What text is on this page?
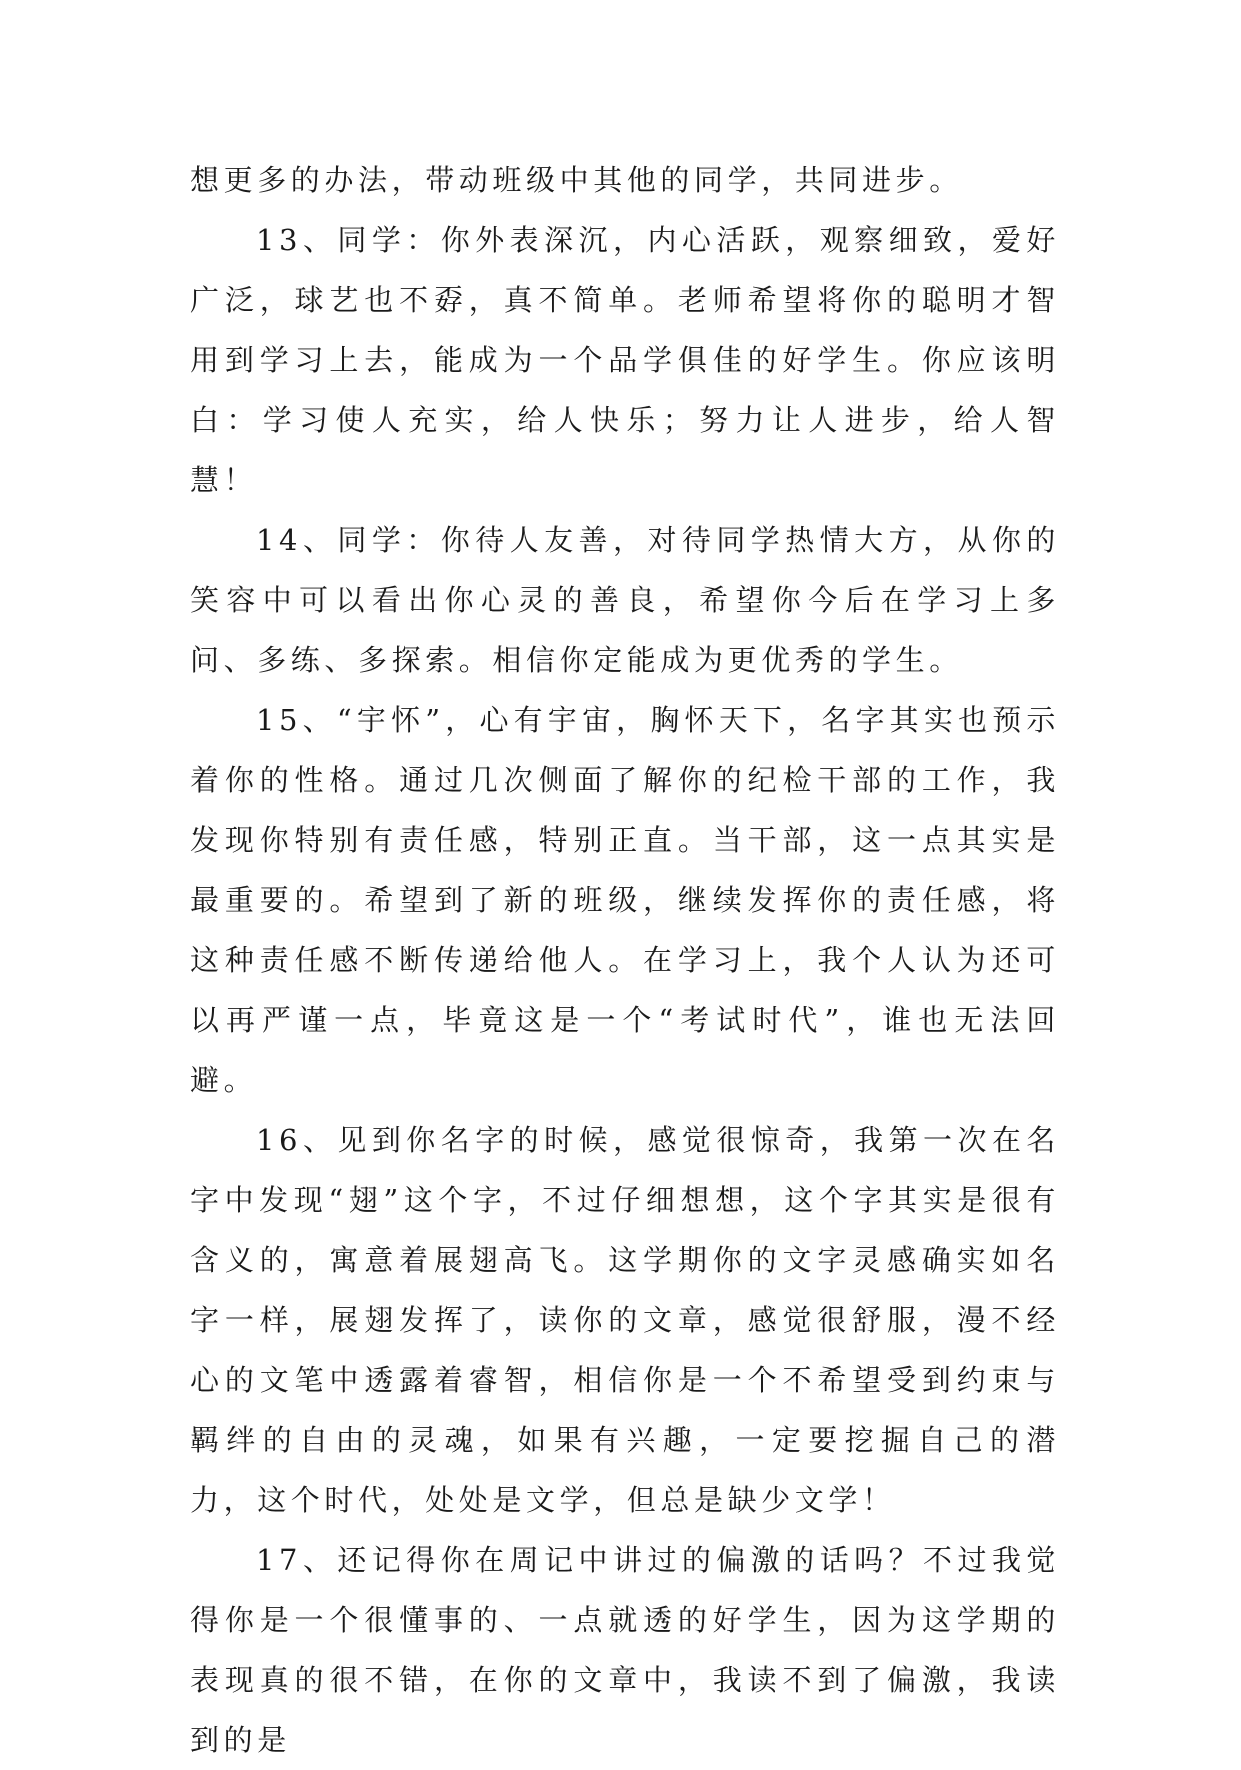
想更多的办法，带动班级中其他的同学，共同进步。

13、同学：你外表深沉，内心活跃，观察细致，爱好广泛，球艺也不孬，真不简单。老师希望将你的聪明才智用到学习上去，能成为一个品学俱佳的好学生。你应该明白：学习使人充实，给人快乐；努力让人进步，给人智慧！

14、同学：你待人友善，对待同学热情大方，从你的笑容中可以看出你心灵的善良，希望你今后在学习上多问、多练、多探索。相信你定能成为更优秀的学生。

15、“宇怀”，心有宇宙，胸怀天下，名字其实也预示着你的性格。通过几次侧面了解你的纪检干部的工作，我发现你特别有责任感，特别正直。当干部，这一点其实是最重要的。希望到了新的班级，继续发挥你的责任感，将这种责任感不断传递给他人。在学习上，我个人认为还可以再严谨一点，毕竟这是一个“考试时代”，谁也无法回避。

16、见到你名字的时候，感觉很惊奇，我第一次在名字中发现“翅”这个字，不过仔细想想，这个字其实是很有含义的，寓意着展翅高飞。这学期你的文字灵感确实如名字一样，展翅发挥了，读你的文章，感觉很舒服，漫不经心的文笔中透露着睿智，相信你是一个不希望受到约束与羁绊的自由的灵魂，如果有兴趣，一定要挖掘自己的潜力，这个时代，处处是文学，但总是缺少文学！

17、还记得你在周记中讲过的偏激的话吗？不过我觉得你是一个很懂事的、一点就透的好学生，因为这学期的表现真的很不错，在你的文章中，我读不到了偏激，我读到的是
